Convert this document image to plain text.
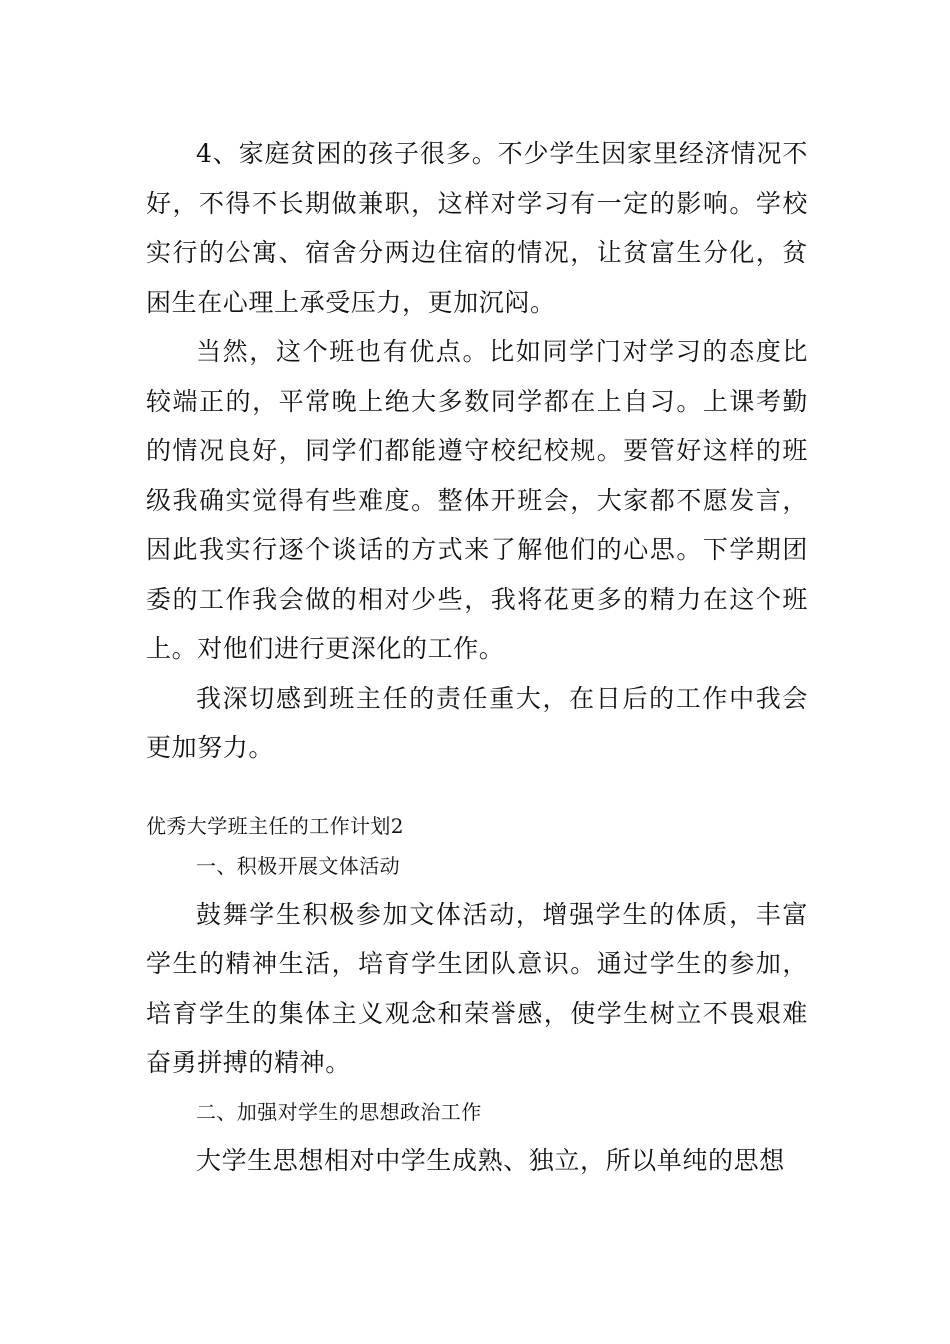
4、家庭贫困的孩子很多。不少学生因家里经济情况不好，不得不长期做兼职，这样对学习有一定的影响。学校实行的公寓、宿舍分两边住宿的情况，让贫富生分化，贫困生在心理上承受压力，更加沉闷。

当然，这个班也有优点。比如同学门对学习的态度比较端正的，平常晚上绝大多数同学都在上自习。上课考勤的情况良好，同学们都能遵守校纪校规。要管好这样的班级我确实觉得有些难度。整体开班会，大家都不愿发言，因此我实行逐个谈话的方式来了解他们的心思。下学期团委的工作我会做的相对少些，我将花更多的精力在这个班上。对他们进行更深化的工作。

我深切感到班主任的责任重大，在日后的工作中我会更加努力。

优秀大学班主任的工作计划2

一、积极开展文体活动

鼓舞学生积极参加文体活动，增强学生的体质，丰富学生的精神生活，培育学生团队意识。通过学生的参加，培育学生的集体主义观念和荣誉感，使学生树立不畏艰难奋勇拼搏的精神。

二、加强对学生的思想政治工作

大学生思想相对中学生成熟、独立，所以单纯的思想
